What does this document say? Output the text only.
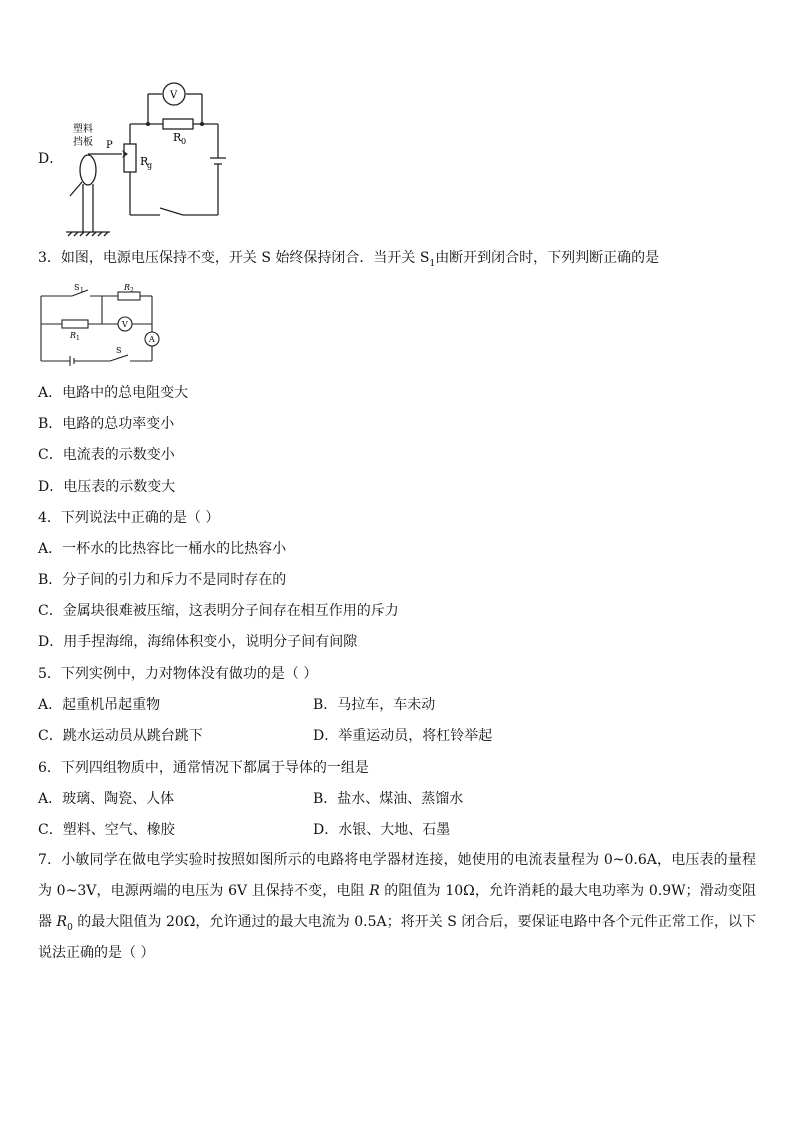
D．
V
R 0
P
R
g
塑料
挡板
3．如图，电源电压保持不变，开关 S 始终保持闭合．当开关 $S_1$由断开到闭合时，下列判断正确的是
V
A
S 1	R 2
R 1
S
A．电路中的总电阻变大
B．电路的总功率变小
C．电流表的示数变小
D．电压表的示数变大
4．下列说法中正确的是（ ）
A．一杯水的比热容比一桶水的比热容小
B．分子间的引力和斥力不是同时存在的
C．金属块很难被压缩，这表明分子间存在相互作用的斥力
D．用手捏海绵，海绵体积变小，说明分子间有间隙
5．下列实例中，力对物体没有做功的是（ ）
A．起重机吊起重物	B．马拉车，车未动
C．跳水运动员从跳台跳下	D．举重运动员，将杠铃举起
6．下列四组物质中，通常情况下都属于导体的一组是
A．玻璃、陶瓷、人体	B．盐水、煤油、蒸馏水
C．塑料、空气、橡胶	D．水银、大地、石墨
7．小敏同学在做电学实验时按照如图所示的电路将电学器材连接，她使用的电流表量程为 0~0.6A，电压表的量程为 0~3V，电源两端的电压为 6V 且保持不变，电阻 R 的阻值为 10Ω，允许消耗的最大电功率为 0.9W；滑动变阻器 $R_0$ 的最大阻值为 20Ω，允许通过的最大电流为 0.5A；将开关 S 闭合后，要保证电路中各个元件正常工作，以下说法正确的是（ ）
